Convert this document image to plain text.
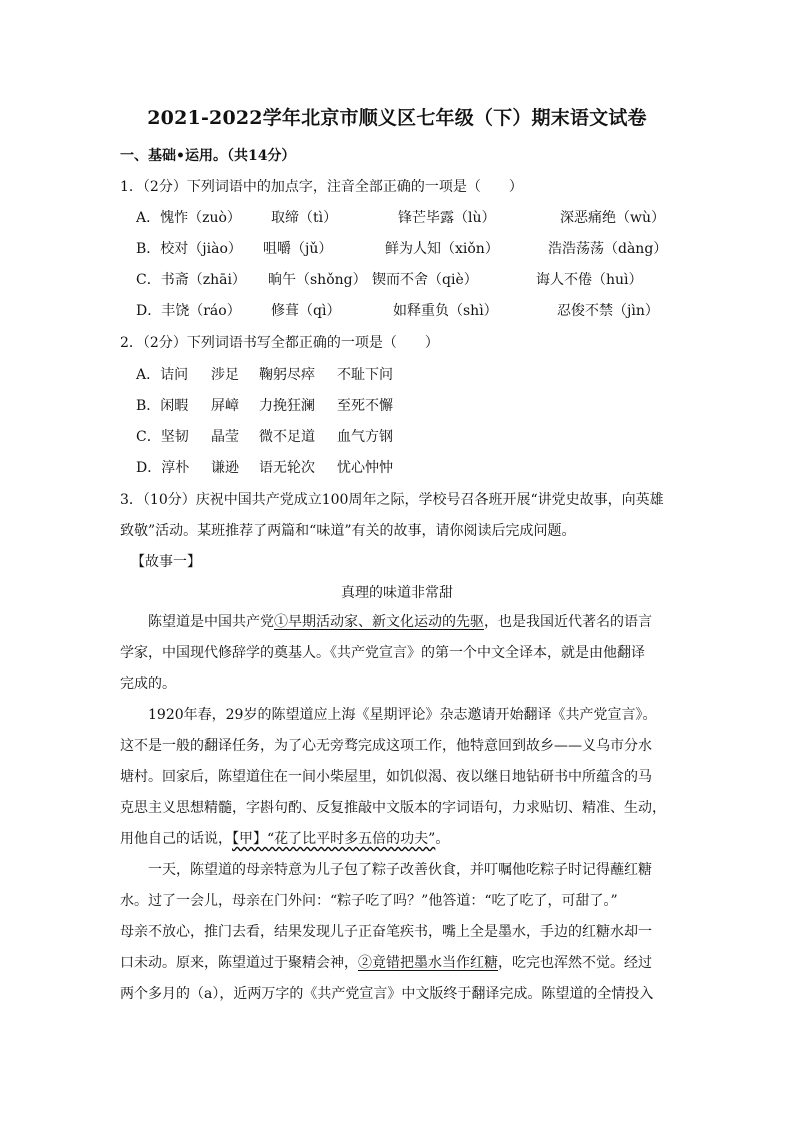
2021-2022学年北京市顺义区七年级（下）期末语文试卷
一、基础•运用。（共14分）
1．（2分）下列词语中的加点字，注音全部正确的一项是（　　）
A．愧怍（zuò） 取缔（tì）	锋芒毕露（lù）	深恶痛绝（wù）
B．校对（jiào） 咀嚼（jǔ）	鲜为人知（xiǒn）	浩浩荡荡（dàng）
C．书斋（zhāi） 晌午（shǒng） 锲而不舍（qiè）	诲人不倦（huì）
D．丰饶（ráo） 修葺（qì）	如释重负（shì）	忍俊不禁（jìn）
2．（2分）下列词语书写全都正确的一项是（　　）
A．诘问 涉足 鞠躬尽瘁 不耻下问
B．闲暇 屏嶂 力挽狂澜 至死不懈
C．坚韧 晶莹 微不足道 血气方钢
D．淳朴 谦逊 语无轮次 忧心忡忡
3．（10分）庆祝中国共产党成立100周年之际，学校号召各班开展“讲党史故事，向英雄
致敬”活动。某班推荐了两篇和“味道”有关的故事，请你阅读后完成问题。
【故事一】
真理的味道非常甜
陈望道是中国共产党①早期活动家、新文化运动的先驱，也是我国近代著名的语言
学家，中国现代修辞学的奠基人。《共产党宣言》的第一个中文全译本，就是由他翻译
完成的。
1920年春，29岁的陈望道应上海《星期评论》杂志邀请开始翻译《共产党宣言》。
这不是一般的翻译任务，为了心无旁骛完成这项工作，他特意回到故乡——义乌市分水
塘村。回家后，陈望道住在一间小柴屋里，如饥似渴、夜以继日地钻研书中所蕴含的马
克思主义思想精髓，字斟句酌、反复推敲中文版本的字词语句，力求贴切、精准、生动，
用他自己的话说，【甲】“花了比平时多五倍的功夫”。
一天，陈望道的母亲特意为儿子包了粽子改善伙食，并叮嘱他吃粽子时记得蘸红糖
水。过了一会儿，母亲在门外问：“粽子吃了吗？”他答道：“吃了吃了，可甜了。”
母亲不放心，推门去看，结果发现儿子正奋笔疾书，嘴上全是墨水，手边的红糖水却一
口未动。原来，陈望道过于聚精会神，②竟错把墨水当作红糖，吃完也浑然不觉。经过
两个多月的（a），近两万字的《共产党宣言》中文版终于翻译完成。陈望道的全情投入
